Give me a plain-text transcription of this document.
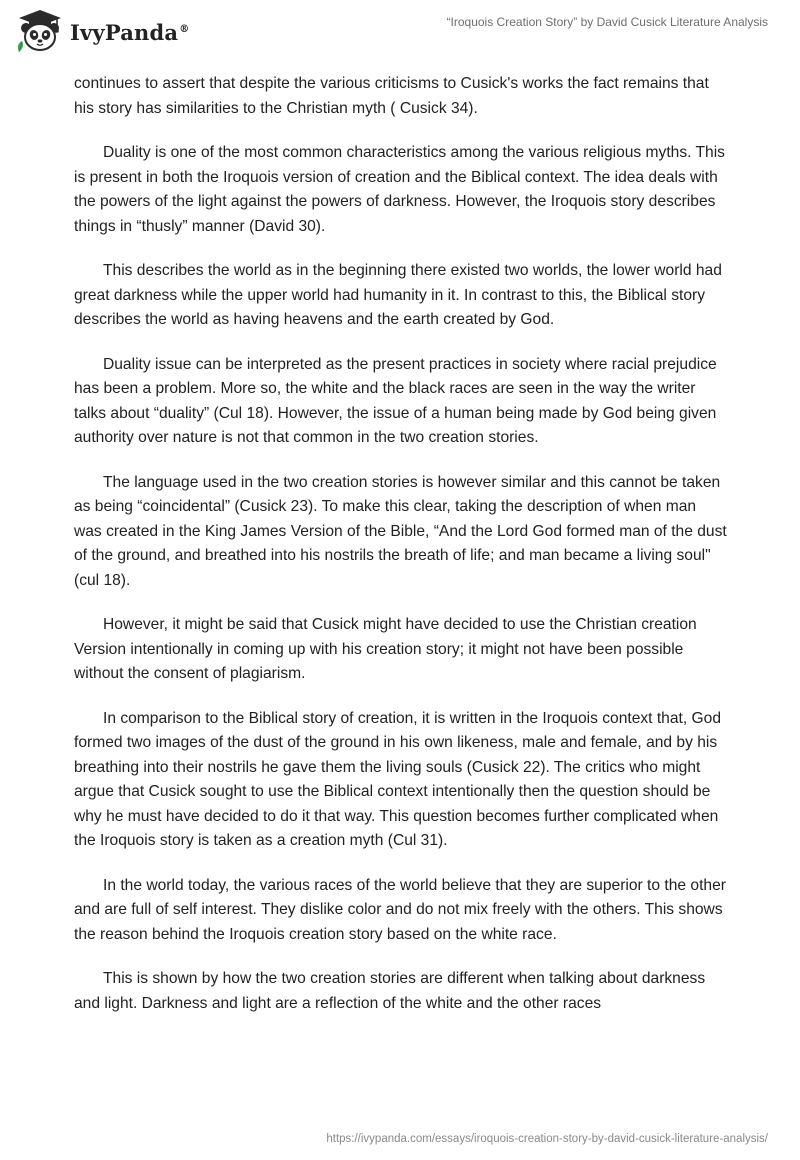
IvyPanda®	“Iroquois Creation Story” by David Cusick Literature Analysis

continues to assert that despite the various criticisms to Cusick's works the fact remains that his story has similarities to the Christian myth ( Cusick 34).

Duality is one of the most common characteristics among the various religious myths. This is present in both the Iroquois version of creation and the Biblical context. The idea deals with the powers of the light against the powers of darkness. However, the Iroquois story describes things in “thusly” manner (David 30).

This describes the world as in the beginning there existed two worlds, the lower world had great darkness while the upper world had humanity in it. In contrast to this, the Biblical story describes the world as having heavens and the earth created by God.

Duality issue can be interpreted as the present practices in society where racial prejudice has been a problem. More so, the white and the black races are seen in the way the writer talks about “duality” (Cul 18). However, the issue of a human being made by God being given authority over nature is not that common in the two creation stories.

The language used in the two creation stories is however similar and this cannot be taken as being “coincidental” (Cusick 23). To make this clear, taking the description of when man was created in the King James Version of the Bible, “And the Lord God formed man of the dust of the ground, and breathed into his nostrils the breath of life; and man became a living soul" (cul 18).

However, it might be said that Cusick might have decided to use the Christian creation Version intentionally in coming up with his creation story; it might not have been possible without the consent of plagiarism.

In comparison to the Biblical story of creation, it is written in the Iroquois context that, God formed two images of the dust of the ground in his own likeness, male and female, and by his breathing into their nostrils he gave them the living souls (Cusick 22). The critics who might argue that Cusick sought to use the Biblical context intentionally then the question should be why he must have decided to do it that way. This question becomes further complicated when the Iroquois story is taken as a creation myth (Cul 31).

In the world today, the various races of the world believe that they are superior to the other and are full of self interest. They dislike color and do not mix freely with the others. This shows the reason behind the Iroquois creation story based on the white race.

This is shown by how the two creation stories are different when talking about darkness and light. Darkness and light are a reflection of the white and the other races

https://ivypanda.com/essays/iroquois-creation-story-by-david-cusick-literature-analysis/
